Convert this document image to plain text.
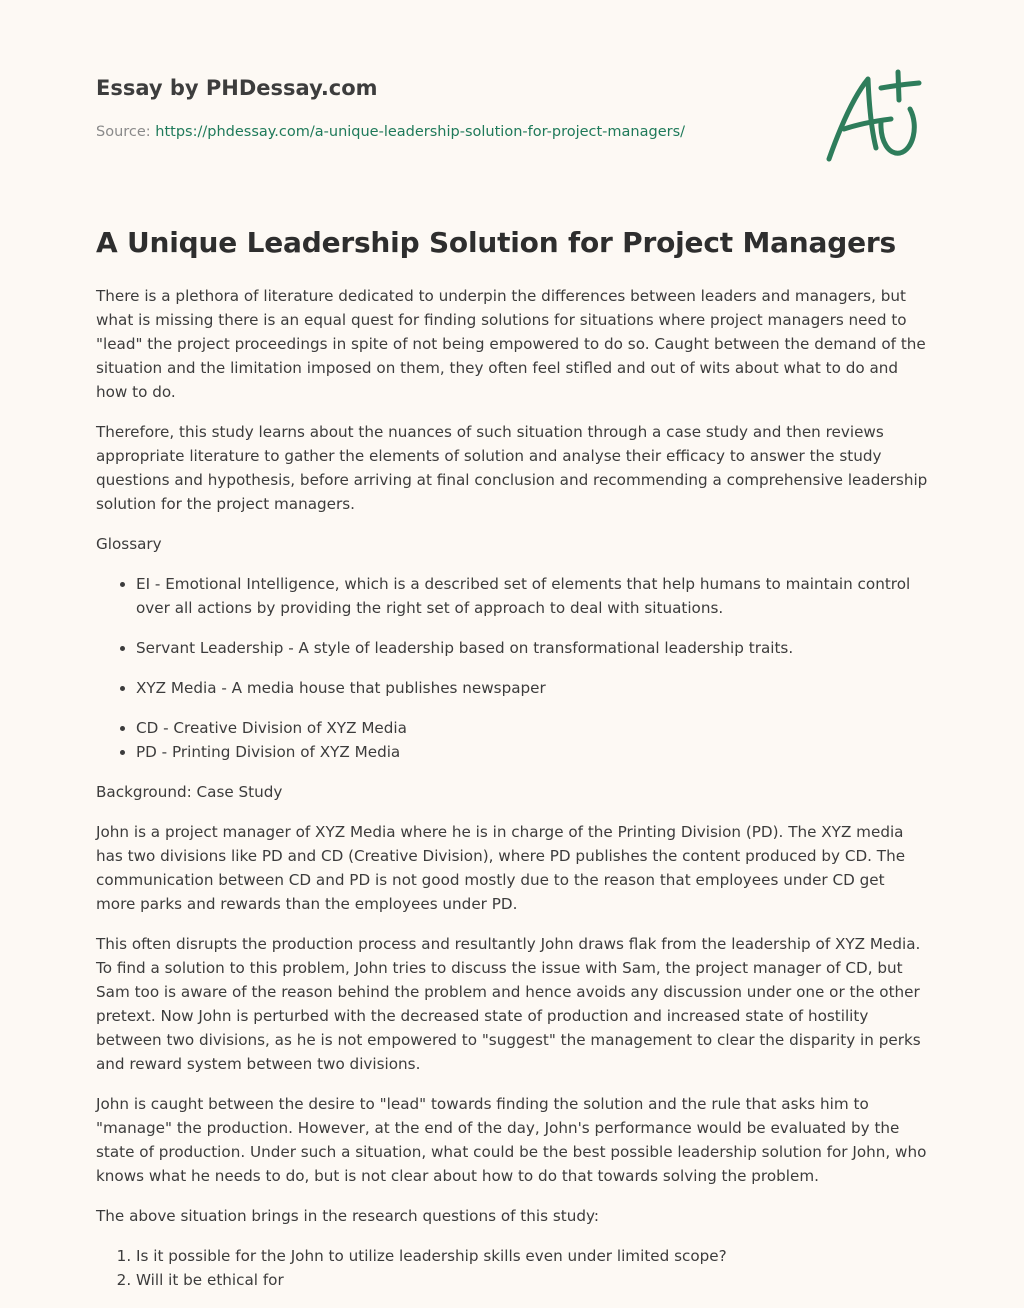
Essay by PHDessay.com

Source: https://phdessay.com/a-unique-leadership-solution-for-project-managers/

A Unique Leadership Solution for Project Managers

There is a plethora of literature dedicated to underpin the differences between leaders and managers, but what is missing there is an equal quest for finding solutions for situations where project managers need to "lead" the project proceedings in spite of not being empowered to do so. Caught between the demand of the situation and the limitation imposed on them, they often feel stifled and out of wits about what to do and how to do.

Therefore, this study learns about the nuances of such situation through a case study and then reviews appropriate literature to gather the elements of solution and analyse their efficacy to answer the study questions and hypothesis, before arriving at final conclusion and recommending a comprehensive leadership solution for the project managers.

Glossary

• EI - Emotional Intelligence, which is a described set of elements that help humans to maintain control over all actions by providing the right set of approach to deal with situations.
• Servant Leadership - A style of leadership based on transformational leadership traits.
• XYZ Media - A media house that publishes newspaper
• CD - Creative Division of XYZ Media
• PD - Printing Division of XYZ Media

Background: Case Study

John is a project manager of XYZ Media where he is in charge of the Printing Division (PD). The XYZ media has two divisions like PD and CD (Creative Division), where PD publishes the content produced by CD. The communication between CD and PD is not good mostly due to the reason that employees under CD get more parks and rewards than the employees under PD.

This often disrupts the production process and resultantly John draws flak from the leadership of XYZ Media. To find a solution to this problem, John tries to discuss the issue with Sam, the project manager of CD, but Sam too is aware of the reason behind the problem and hence avoids any discussion under one or the other pretext. Now John is perturbed with the decreased state of production and increased state of hostility between two divisions, as he is not empowered to "suggest" the management to clear the disparity in perks and reward system between two divisions.

John is caught between the desire to "lead" towards finding the solution and the rule that asks him to "manage" the production. However, at the end of the day, John's performance would be evaluated by the state of production. Under such a situation, what could be the best possible leadership solution for John, who knows what he needs to do, but is not clear about how to do that towards solving the problem.

The above situation brings in the research questions of this study:

1. Is it possible for the John to utilize leadership skills even under limited scope?
2. Will it be ethical for
